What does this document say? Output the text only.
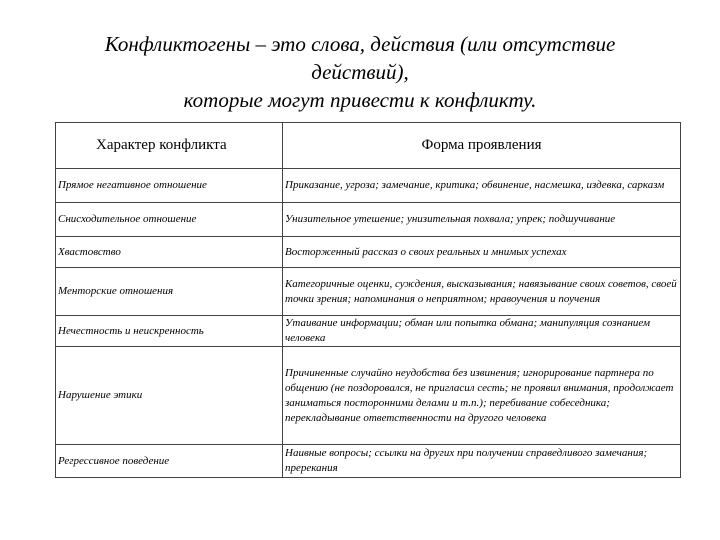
Конфликтогены – это слова, действия (или отсутствие
действий),
которые могут привести к конфликту.
Характер конфликта	Форма проявления
Прямое негативное отношение	Приказание, угроза; замечание, критика; обвинение, насмешка, издевка, сарказм
Снисходительное отношение	Унизительное утешение; унизительная похвала; упрек; подшучивание
Хвастовство	Восторженный рассказ о своих реальных и мнимых успехах
Менторские отношения	Категоричные оценки, суждения, высказывания; навязывание своих советов, своей точки зрения; напоминания о неприятном; нравоучения и поучения
Нечестность и неискренность	Утаивание информации; обман или попытка обмана; манипуляция сознанием человека
Нарушение этики	Причиненные случайно неудобства без извинения; игнорирование партнера по общению (не поздоровался, не пригласил сесть; не проявил внимания, продолжает заниматься посторонними делами и т.п.); перебивание собеседника; перекладывание ответственности на другого человека
Регрессивное поведение	Наивные вопросы; ссылки на других при получении справедливого замечания; пререкания
